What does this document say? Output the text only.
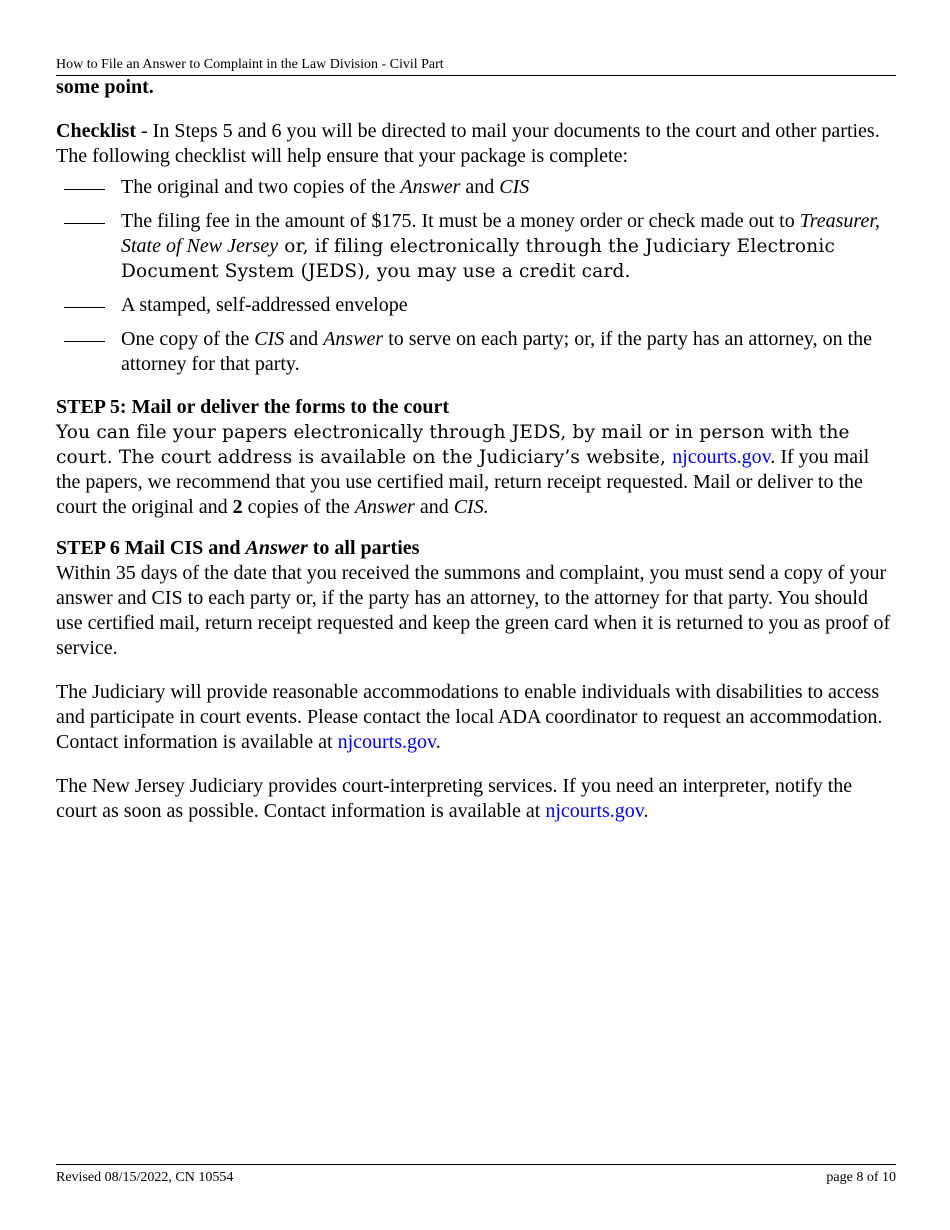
How to File an Answer to Complaint in the Law Division - Civil Part

some point.

Checklist - In Steps 5 and 6 you will be directed to mail your documents to the court and other parties. The following checklist will help ensure that your package is complete:

The original and two copies of the Answer and CIS
The filing fee in the amount of $175. It must be a money order or check made out to Treasurer, State of New Jersey or, if filing electronically through the Judiciary Electronic Document System (JEDS), you may use a credit card.
A stamped, self-addressed envelope
One copy of the CIS and Answer to serve on each party; or, if the party has an attorney, on the attorney for that party.

STEP 5: Mail or deliver the forms to the court

You can file your papers electronically through JEDS, by mail or in person with the court. The court address is available on the Judiciary’s website, njcourts.gov. If you mail the papers, we recommend that you use certified mail, return receipt requested. Mail or deliver to the court the original and 2 copies of the Answer and CIS.

STEP 6 Mail CIS and Answer to all parties

Within 35 days of the date that you received the summons and complaint, you must send a copy of your answer and CIS to each party or, if the party has an attorney, to the attorney for that party. You should use certified mail, return receipt requested and keep the green card when it is returned to you as proof of service.

The Judiciary will provide reasonable accommodations to enable individuals with disabilities to access and participate in court events. Please contact the local ADA coordinator to request an accommodation. Contact information is available at njcourts.gov.

The New Jersey Judiciary provides court-interpreting services. If you need an interpreter, notify the court as soon as possible. Contact information is available at njcourts.gov.

Revised 08/15/2022, CN 10554	page 8 of 10
